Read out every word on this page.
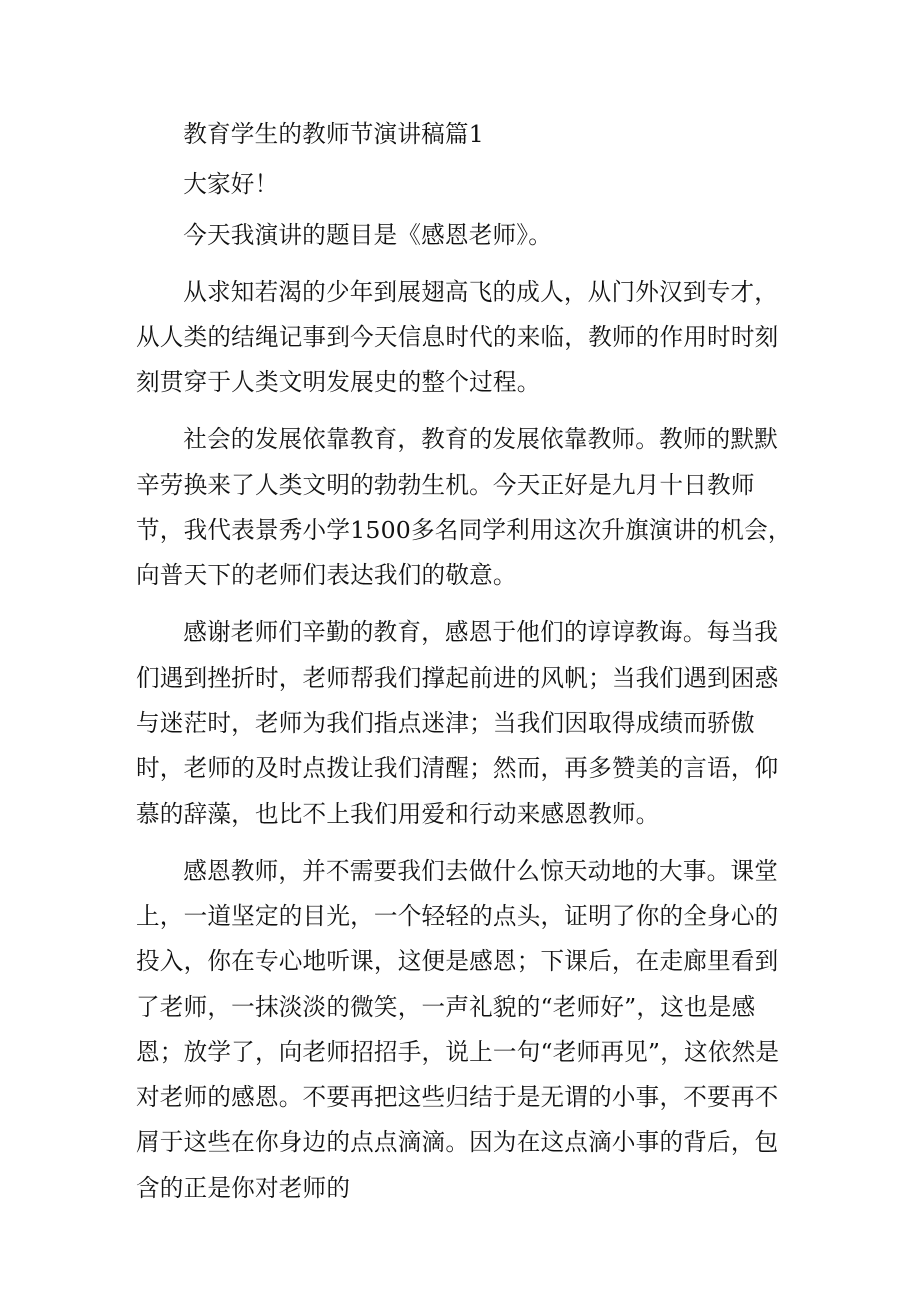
教育学生的教师节演讲稿篇1

大家好！

今天我演讲的题目是《感恩老师》。

从求知若渴的少年到展翅高飞的成人，从门外汉到专才，从人类的结绳记事到今天信息时代的来临，教师的作用时时刻刻贯穿于人类文明发展史的整个过程。

社会的发展依靠教育，教育的发展依靠教师。教师的默默辛劳换来了人类文明的勃勃生机。今天正好是九月十日教师节，我代表景秀小学1500多名同学利用这次升旗演讲的机会，向普天下的老师们表达我们的敬意。

感谢老师们辛勤的教育，感恩于他们的谆谆教诲。每当我们遇到挫折时，老师帮我们撑起前进的风帆；当我们遇到困惑与迷茫时，老师为我们指点迷津；当我们因取得成绩而骄傲时，老师的及时点拨让我们清醒；然而，再多赞美的言语，仰慕的辞藻，也比不上我们用爱和行动来感恩教师。

感恩教师，并不需要我们去做什么惊天动地的大事。课堂上，一道坚定的目光，一个轻轻的点头，证明了你的全身心的投入，你在专心地听课，这便是感恩；下课后，在走廊里看到了老师，一抹淡淡的微笑，一声礼貌的“老师好”，这也是感恩；放学了，向老师招招手，说上一句“老师再见”，这依然是对老师的感恩。不要再把这些归结于是无谓的小事，不要再不屑于这些在你身边的点点滴滴。因为在这点滴小事的背后，包含的正是你对老师的
